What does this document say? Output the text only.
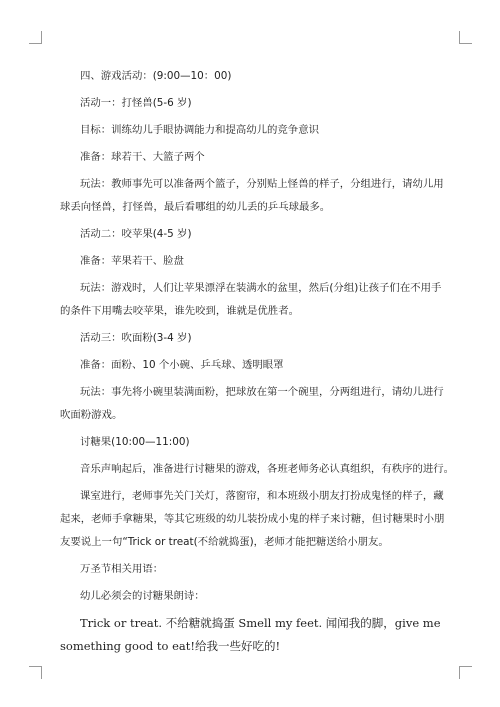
四、游戏活动：(9:00—10：00)
活动一：打怪兽(5-6 岁)
目标：训练幼儿手眼协调能力和提高幼儿的竞争意识
准备：球若干、大篮子两个
玩法：教师事先可以准备两个篮子，分别贴上怪兽的样子，分组进行，请幼儿用
球丢向怪兽，打怪兽，最后看哪组的幼儿丢的乒乓球最多。
活动二：咬苹果(4-5 岁)
准备：苹果若干、脸盘
玩法：游戏时，人们让苹果漂浮在装满水的盆里，然后(分组)让孩子们在不用手
的条件下用嘴去咬苹果，谁先咬到，谁就是优胜者。
活动三：吹面粉(3-4 岁)
准备：面粉、10 个小碗、乒乓球、透明眼罩
玩法：事先将小碗里装满面粉，把球放在第一个碗里，分两组进行，请幼儿进行
吹面粉游戏。
讨糖果(10:00—11:00)
音乐声响起后，准备进行讨糖果的游戏，各班老师务必认真组织，有秩序的进行。
课室进行，老师事先关门关灯，落窗帘，和本班级小朋友打扮成鬼怪的样子，藏
起来，老师手拿糖果，等其它班级的幼儿装扮成小鬼的样子来讨糖，但讨糖果时小朋
友要说上一句“Trick or treat(不给就捣蛋)，老师才能把糖送给小朋友。
万圣节相关用语：
幼儿必须会的讨糖果朗诗：
Trick or treat. 不给糖就捣蛋 Smell my feet. 闻闻我的脚，give me
something good to eat!给我一些好吃的!
